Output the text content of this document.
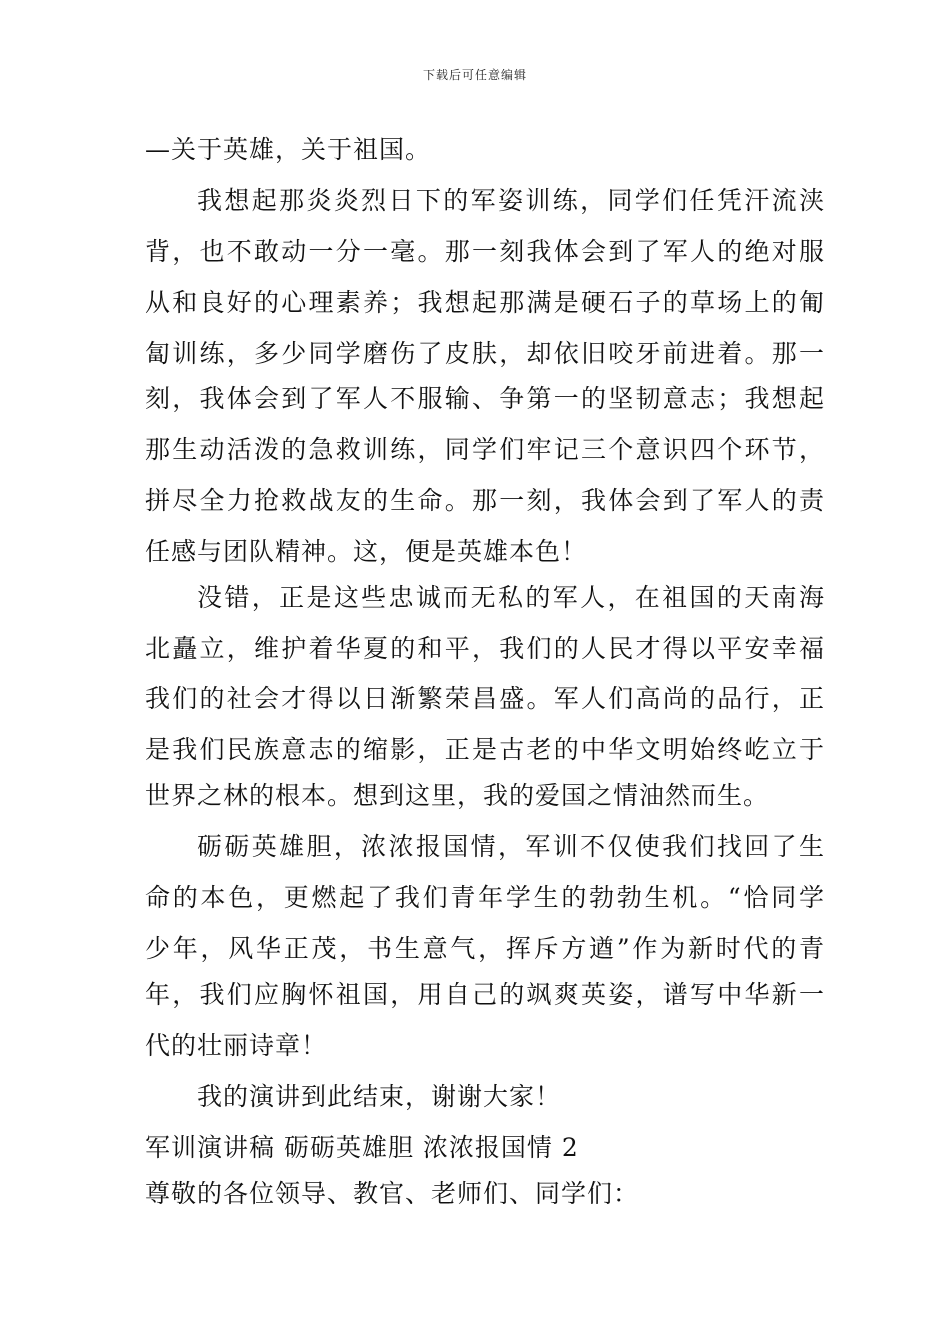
下载后可任意编辑
—关于英雄，关于祖国。
我想起那炎炎烈日下的军姿训练，同学们任凭汗流浃
背，也不敢动一分一毫。那一刻我体会到了军人的绝对服
从和良好的心理素养；我想起那满是硬石子的草场上的匍
匐训练，多少同学磨伤了皮肤，却依旧咬牙前进着。那一
刻，我体会到了军人不服输、争第一的坚韧意志；我想起
那生动活泼的急救训练，同学们牢记三个意识四个环节，
拼尽全力抢救战友的生命。那一刻，我体会到了军人的责
任感与团队精神。这，便是英雄本色！
没错，正是这些忠诚而无私的军人，在祖国的天南海
北矗立，维护着华夏的和平，我们的人民才得以平安幸福
我们的社会才得以日渐繁荣昌盛。军人们高尚的品行，正
是我们民族意志的缩影，正是古老的中华文明始终屹立于
世界之林的根本。想到这里，我的爱国之情油然而生。
砺砺英雄胆，浓浓报国情，军训不仅使我们找回了生
命的本色，更燃起了我们青年学生的勃勃生机。“恰同学
少年，风华正茂，书生意气，挥斥方遒”作为新时代的青
年，我们应胸怀祖国，用自己的飒爽英姿，谱写中华新一
代的壮丽诗章！
我的演讲到此结束，谢谢大家！
军训演讲稿 砺砺英雄胆 浓浓报国情 2
尊敬的各位领导、教官、老师们、同学们：
